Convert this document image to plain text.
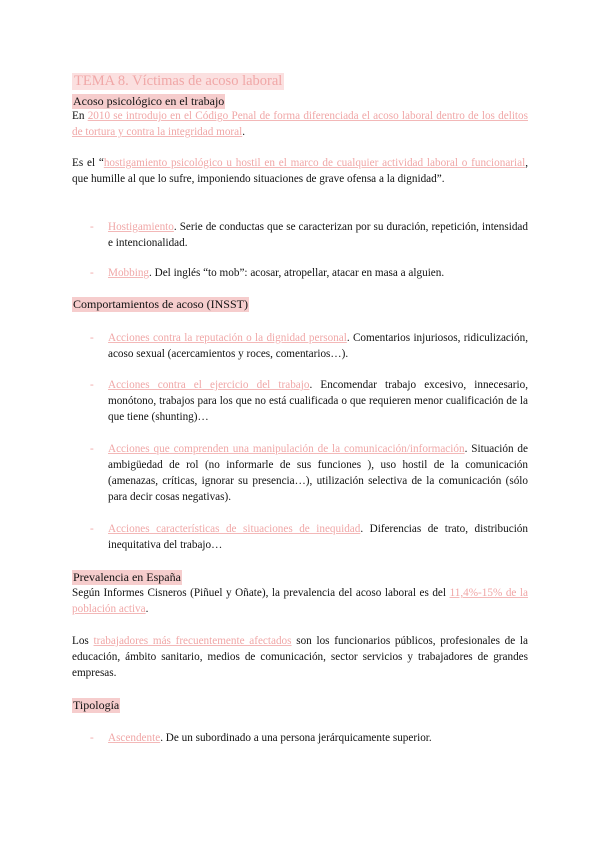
TEMA 8. Víctimas de acoso laboral
Acoso psicológico en el trabajo

En 2010 se introdujo en el Código Penal de forma diferenciada el acoso laboral dentro de los delitos de tortura y contra la integridad moral.

Es el “hostigamiento psicológico u hostil en el marco de cualquier actividad laboral o funcionarial, que humille al que lo sufre, imponiendo situaciones de grave ofensa a la dignidad”.

-	Hostigamiento. Serie de conductas que se caracterizan por su duración, repetición, intensidad e intencionalidad.
-	Mobbing. Del inglés “to mob”: acosar, atropellar, atacar en masa a alguien.
Comportamientos de acoso (INSST)
-	Acciones contra la reputación o la dignidad personal. Comentarios injuriosos, ridiculización, acoso sexual (acercamientos y roces, comentarios…).
-	Acciones contra el ejercicio del trabajo. Encomendar trabajo excesivo, innecesario, monótono, trabajos para los que no está cualificada o que requieren menor cualificación de la que tiene (shunting)…
-	Acciones que comprenden una manipulación de la comunicación/información. Situación de ambigüedad de rol (no informarle de sus funciones ), uso hostil de la comunicación (amenazas, críticas, ignorar su presencia…), utilización selectiva de la comunicación (sólo para decir cosas negativas).
-	Acciones características de situaciones de inequidad. Diferencias de trato, distribución inequitativa del trabajo…
Prevalencia en España

Según Informes Cisneros (Piñuel y Oñate), la prevalencia del acoso laboral es del 11,4%-15% de la población activa.

Los trabajadores más frecuentemente afectados son los funcionarios públicos, profesionales de la educación, ámbito sanitario, medios de comunicación, sector servicios y trabajadores de grandes empresas.

Tipología
-	Ascendente. De un subordinado a una persona jerárquicamente superior.
